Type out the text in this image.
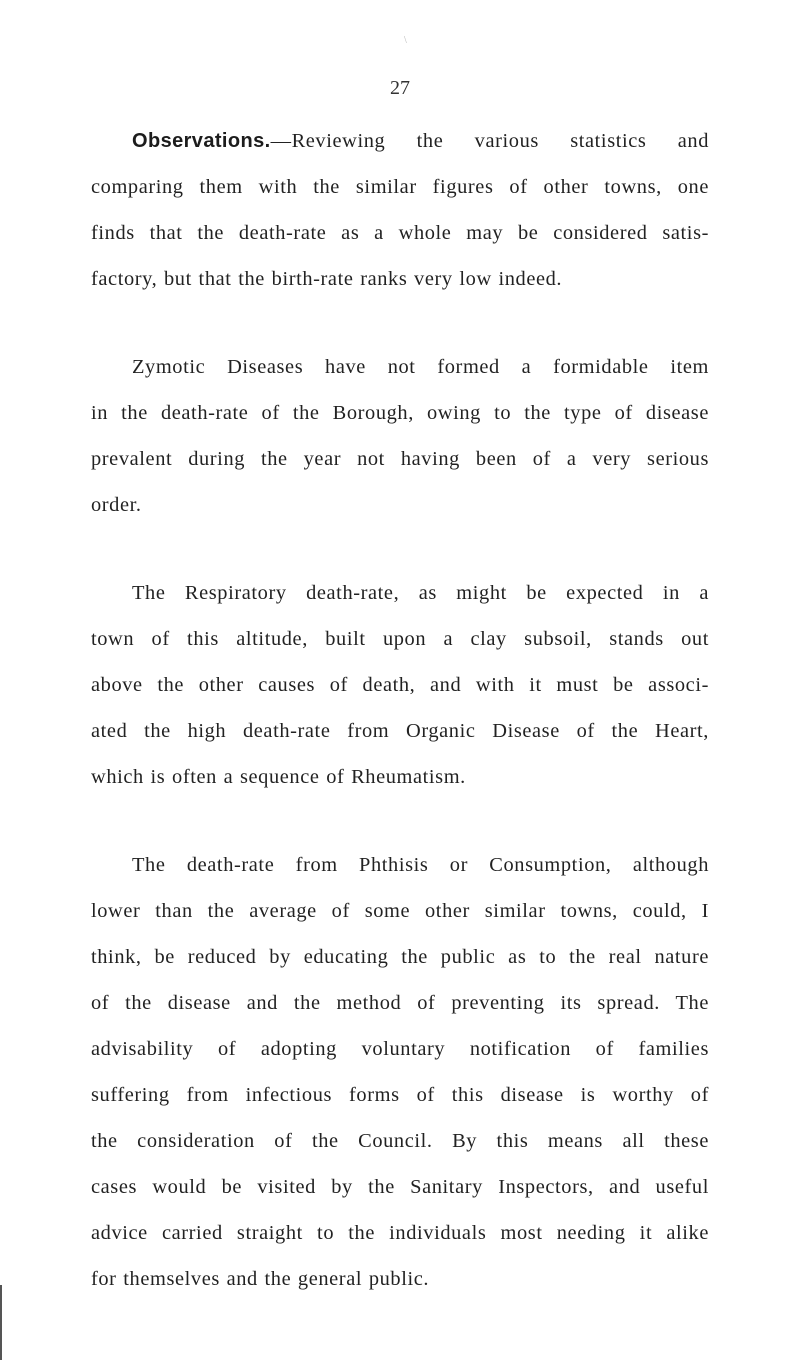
\
27
Observations.—Reviewing the various statistics and
comparing them with the similar figures of other towns, one
finds that the death-rate as a whole may be considered satis-
factory, but that the birth-rate ranks very low indeed.
Zymotic Diseases have not formed a formidable item
in the death-rate of the Borough, owing to the type of disease
prevalent during the year not having been of a very serious
order.
The Respiratory death-rate, as might be expected in a
town of this altitude, built upon a clay subsoil, stands out
above the other causes of death, and with it must be associ-
ated the high death-rate from Organic Disease of the Heart,
which is often a sequence of Rheumatism.
The death-rate from Phthisis or Consumption, although
lower than the average of some other similar towns, could, I
think, be reduced by educating the public as to the real nature
of the disease and the method of preventing its spread. The
advisability of adopting voluntary notification of families
suffering from infectious forms of this disease is worthy of
the consideration of the Council. By this means all these
cases would be visited by the Sanitary Inspectors, and useful
advice carried straight to the individuals most needing it alike
for themselves and the general public.
